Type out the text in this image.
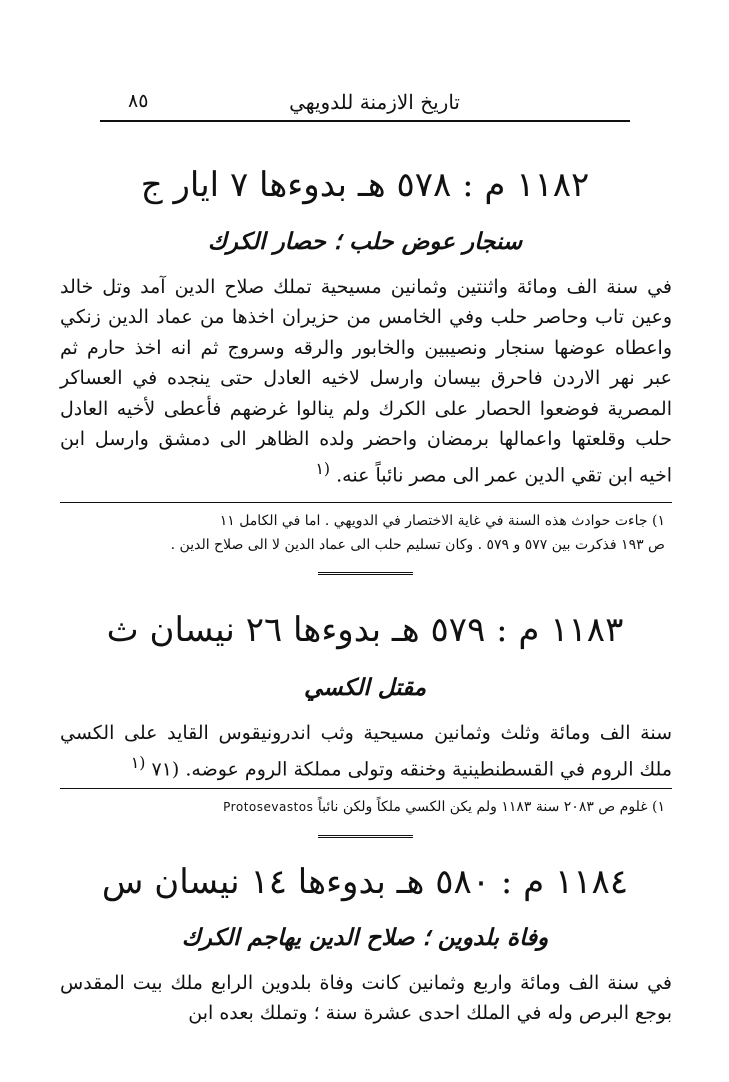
٨٥	تاريخ الازمنة للدويهي
١١٨٢ م : ٥٧٨ هـ بدوءها ٧ ايار ج
سنجار عوض حلب ؛ حصار الكرك
في سنة الف ومائة واثنتين وثمانين مسيحية تملك صلاح الدين آمد وتل خالد وعين تاب وحاصر حلب وفي الخامس من حزيران اخذها من عماد الدين زنكي واعطاه عوضها سنجار ونصيبين والخابور والرقه وسروج ثم انه اخذ حارم ثم عبر نهر الاردن فاحرق بيسان وارسل لاخيه العادل حتى ينجده في العساكر المصرية فوضعوا الحصار على الكرك ولم ينالوا غرضهم فأعطى لأخيه العادل حلب وقلعتها واعمالها برمضان واحضر ولده الظاهر الى دمشق وارسل ابن اخيه ابن تقي الدين عمر الى مصر نائباً عنه. $^{(١}$
١) جاءت حوادث هذه السنة في غاية الاختصار في الدويهي . اما في الكامل ١١
ص ١٩٣ فذكرت بين ٥٧٧ و ٥٧٩ . وكان تسليم حلب الى عماد الدين لا الى صلاح الدين .
١١٨٣ م : ٥٧٩ هـ بدوءها ٢٦ نيسان ث
مقتل الكسي
سنة الف ومائة وثلث وثمانين مسيحية وثب اندرونيقوس القايد على الكسي ملك الروم في القسطنطينية وخنقه وتولى مملكة الروم عوضه. (٧١ $^{(١}$
١) غلوم ص ٢٠٨٣ سنة ١١٨٣ ولم يكن الكسي ملكاً ولكن نائباً Protosevastos
١١٨٤ م : ٥٨٠ هـ بدوءها ١٤ نيسان س
وفاة بلدوين ؛ صلاح الدين يهاجم الكرك
في سنة الف ومائة واربع وثمانين كانت وفاة بلدوين الرابع ملك بيت المقدس بوجع البرص وله في الملك احدى عشرة سنة ؛ وتملك بعده ابن
